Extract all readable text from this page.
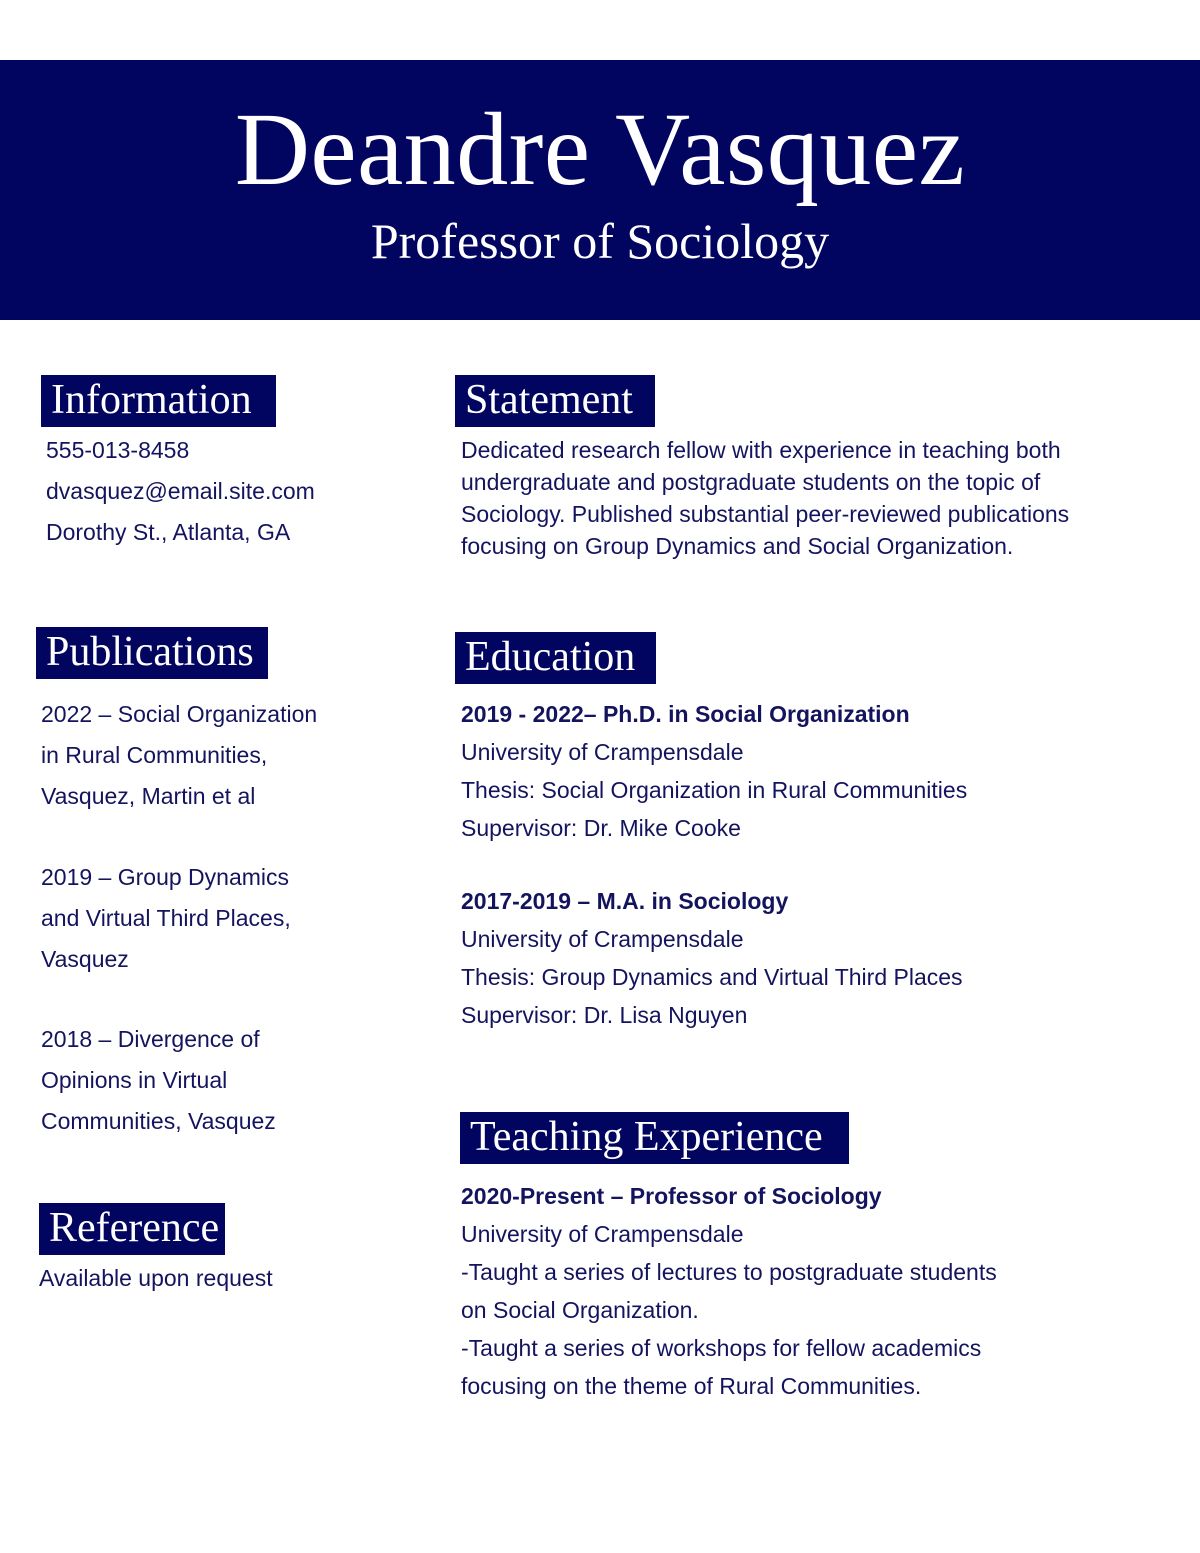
Deandre Vasquez
Professor of Sociology
Information
555-013-8458
dvasquez@email.site.com
Dorothy St., Atlanta, GA
Statement
Dedicated research fellow with experience in teaching both
undergraduate and postgraduate students on the topic of
Sociology. Published substantial peer-reviewed publications
focusing on Group Dynamics and Social Organization.
Publications
2022 – Social Organization
in Rural Communities,
Vasquez, Martin et al
2019 – Group Dynamics
and Virtual Third Places,
Vasquez
2018 – Divergence of
Opinions in Virtual
Communities, Vasquez
Reference
Available upon request
Education
2019 - 2022– Ph.D. in Social Organization
University of Crampensdale
Thesis: Social Organization in Rural Communities
Supervisor: Dr. Mike Cooke
2017-2019 – M.A. in Sociology
University of Crampensdale
Thesis: Group Dynamics and Virtual Third Places
Supervisor: Dr. Lisa Nguyen
Teaching Experience
2020-Present – Professor of Sociology
University of Crampensdale
-Taught a series of lectures to postgraduate students
on Social Organization.
-Taught a series of workshops for fellow academics
focusing on the theme of Rural Communities.
